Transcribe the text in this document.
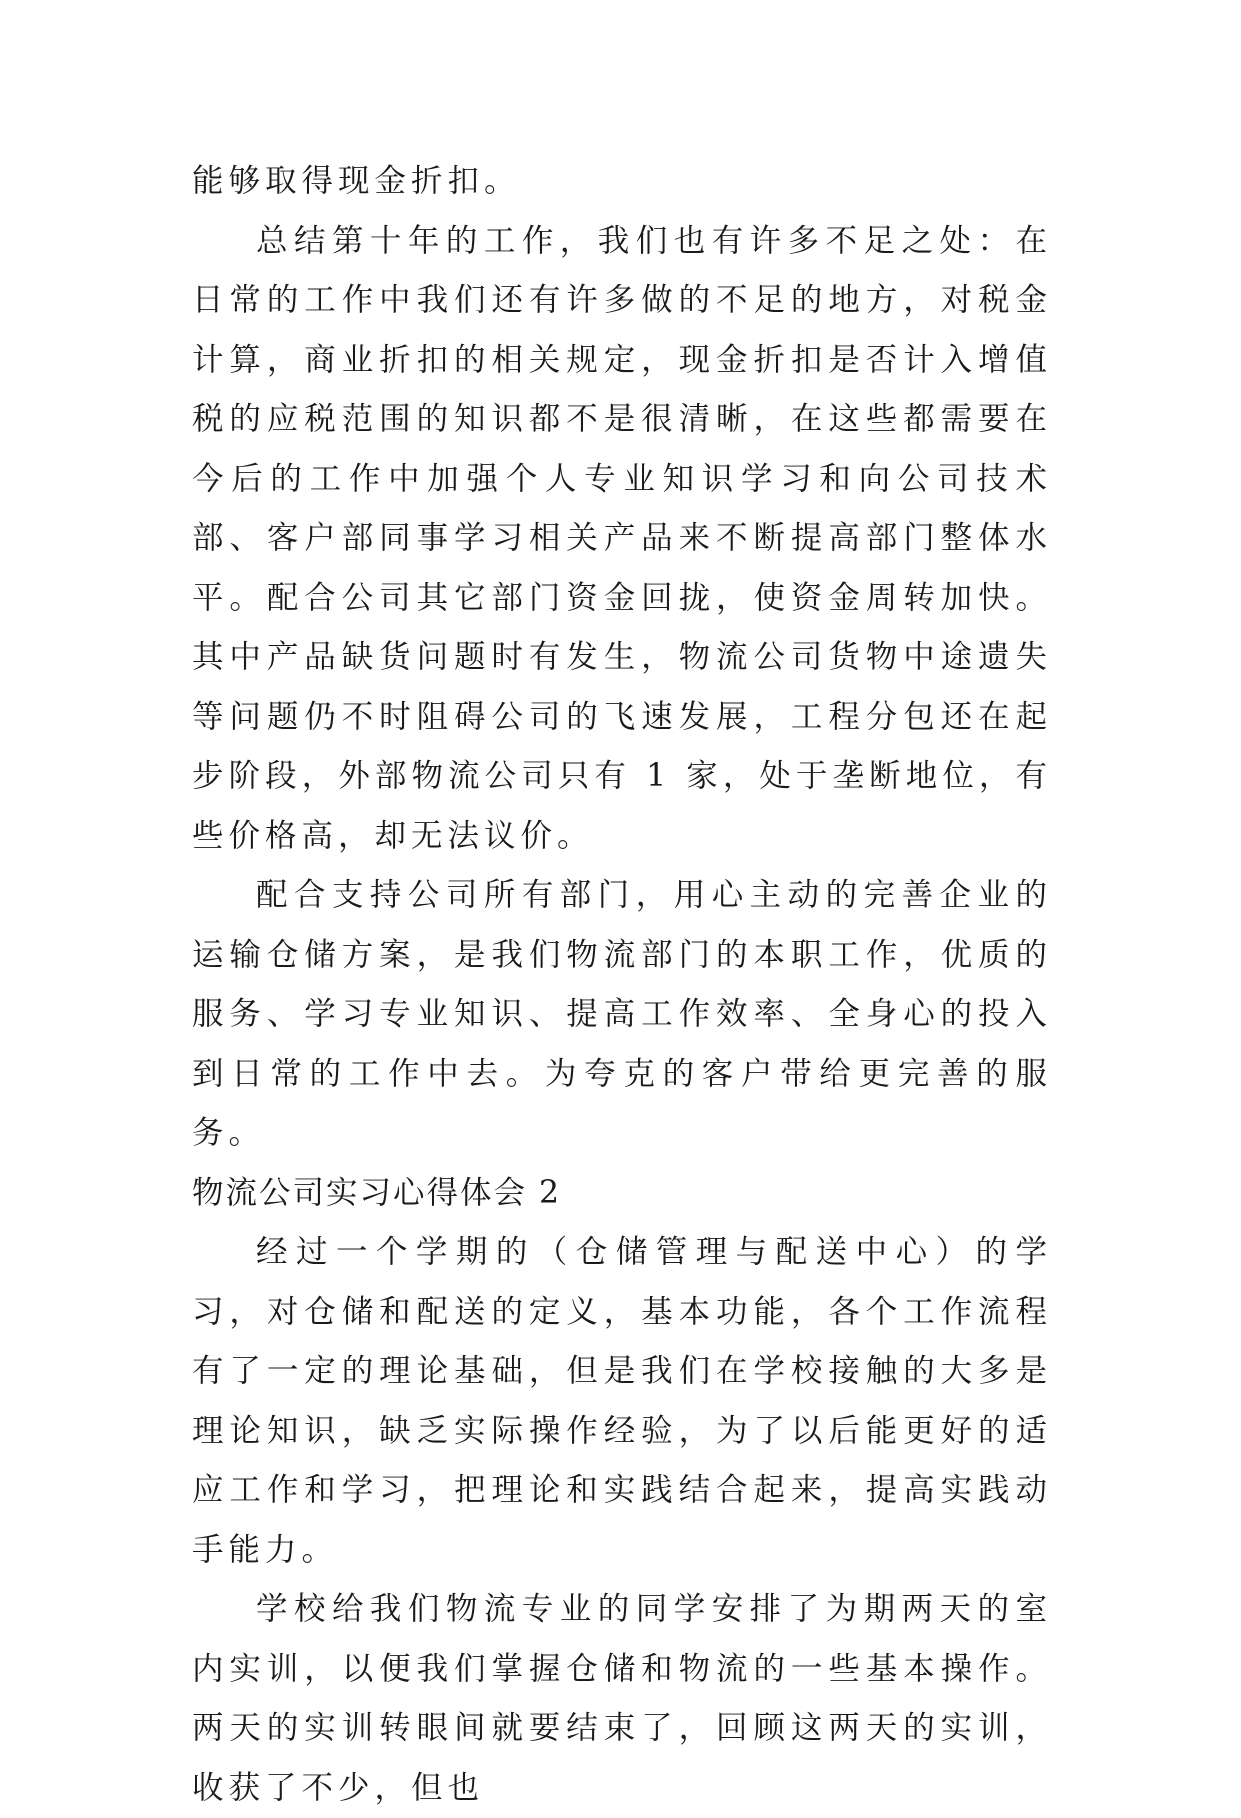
能够取得现金折扣。

总结第十年的工作，我们也有许多不足之处：在日常的工作中我们还有许多做的不足的地方，对税金计算，商业折扣的相关规定，现金折扣是否计入增值税的应税范围的知识都不是很清晰，在这些都需要在今后的工作中加强个人专业知识学习和向公司技术部、客户部同事学习相关产品来不断提高部门整体水平。配合公司其它部门资金回拢，使资金周转加快。其中产品缺货问题时有发生，物流公司货物中途遗失等问题仍不时阻碍公司的飞速发展，工程分包还在起步阶段，外部物流公司只有 1 家，处于垄断地位，有些价格高，却无法议价。

配合支持公司所有部门，用心主动的完善企业的运输仓储方案，是我们物流部门的本职工作，优质的服务、学习专业知识、提高工作效率、全身心的投入到日常的工作中去。为夸克的客户带给更完善的服务。

物流公司实习心得体会 2

经过一个学期的（仓储管理与配送中心）的学习，对仓储和配送的定义，基本功能，各个工作流程有了一定的理论基础，但是我们在学校接触的大多是理论知识，缺乏实际操作经验，为了以后能更好的适应工作和学习，把理论和实践结合起来，提高实践动手能力。

学校给我们物流专业的同学安排了为期两天的室内实训，以便我们掌握仓储和物流的一些基本操作。两天的实训转眼间就要结束了，回顾这两天的实训，收获了不少，但也
